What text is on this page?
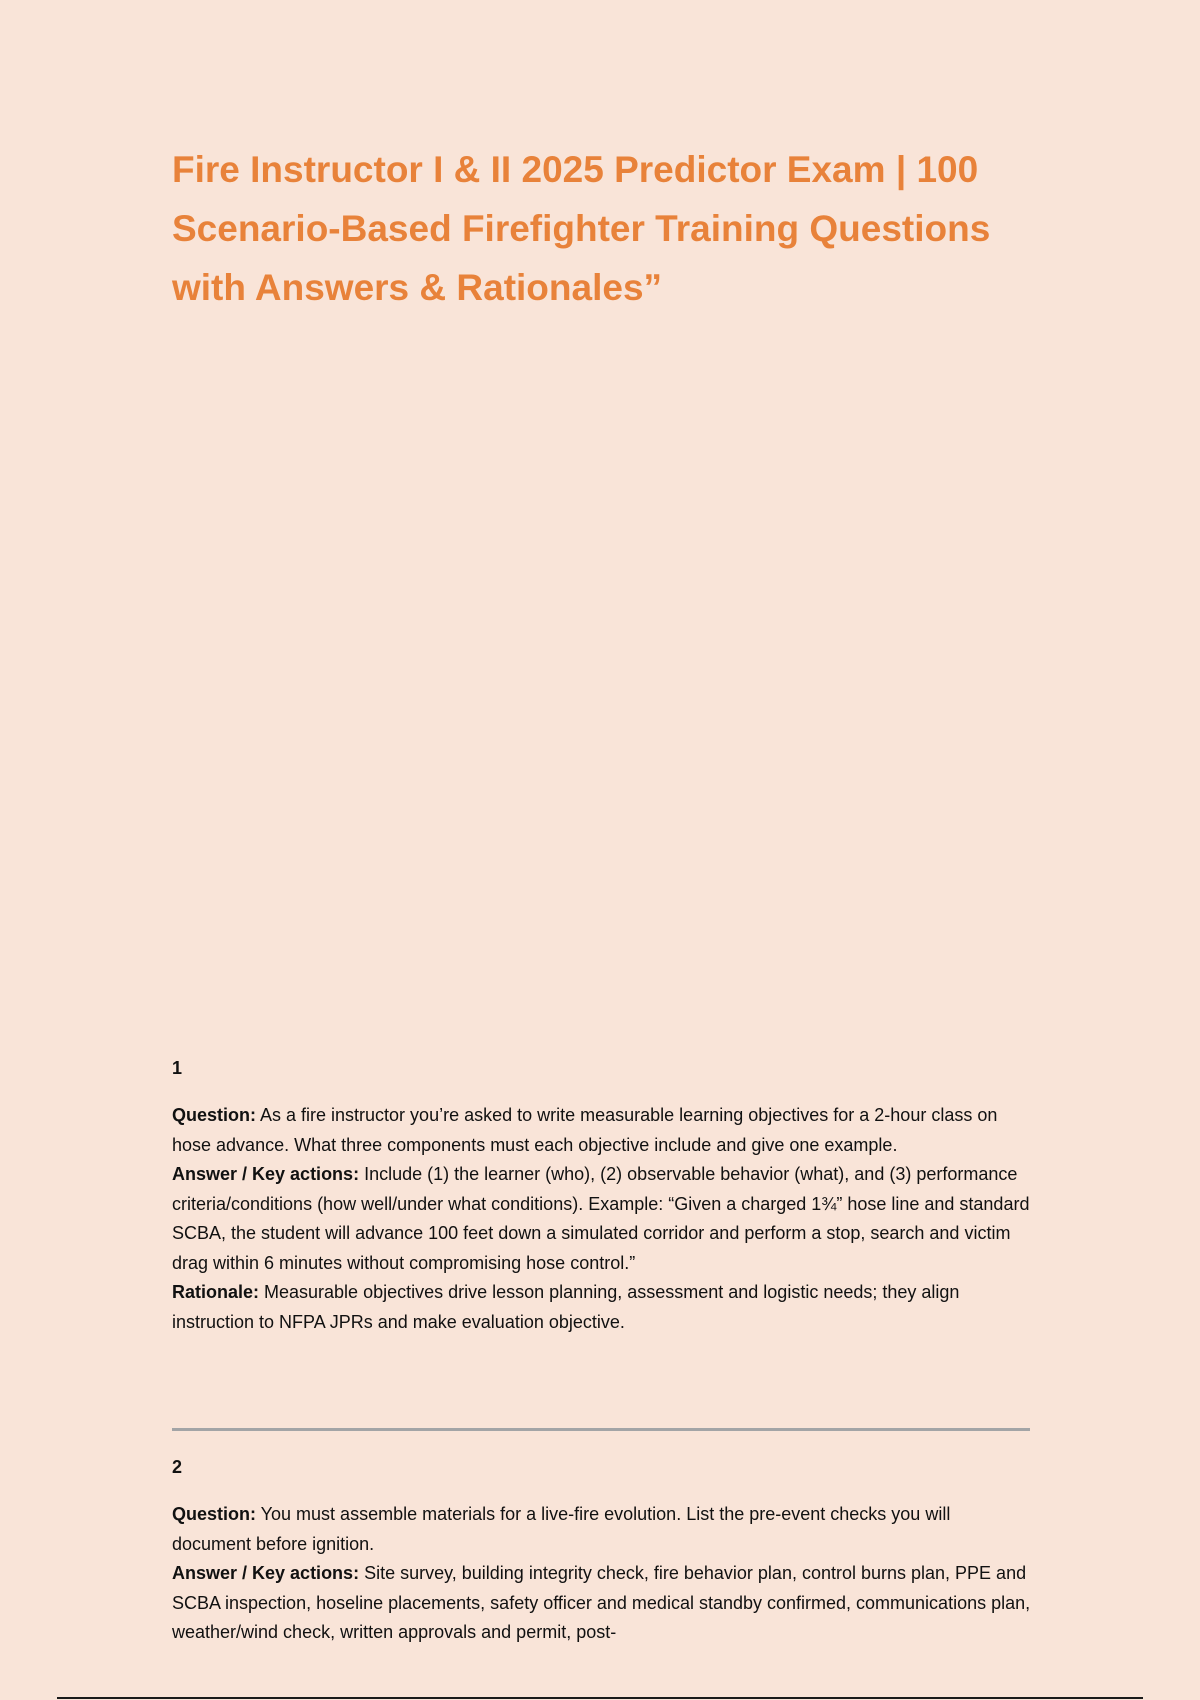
Fire Instructor I & II 2025 Predictor Exam | 100 Scenario-Based Firefighter Training Questions with Answers & Rationales”
1

Question: As a fire instructor you’re asked to write measurable learning objectives for a 2-hour class on hose advance. What three components must each objective include and give one example.

Answer / Key actions: Include (1) the learner (who), (2) observable behavior (what), and (3) performance criteria/conditions (how well/under what conditions). Example: “Given a charged 1¾” hose line and standard SCBA, the student will advance 100 feet down a simulated corridor and perform a stop, search and victim drag within 6 minutes without compromising hose control.”

Rationale: Measurable objectives drive lesson planning, assessment and logistic needs; they align instruction to NFPA JPRs and make evaluation objective.

2

Question: You must assemble materials for a live-fire evolution. List the pre-event checks you will document before ignition.

Answer / Key actions: Site survey, building integrity check, fire behavior plan, control burns plan, PPE and SCBA inspection, hoseline placements, safety officer and medical standby confirmed, communications plan, weather/wind check, written approvals and permit, post-
